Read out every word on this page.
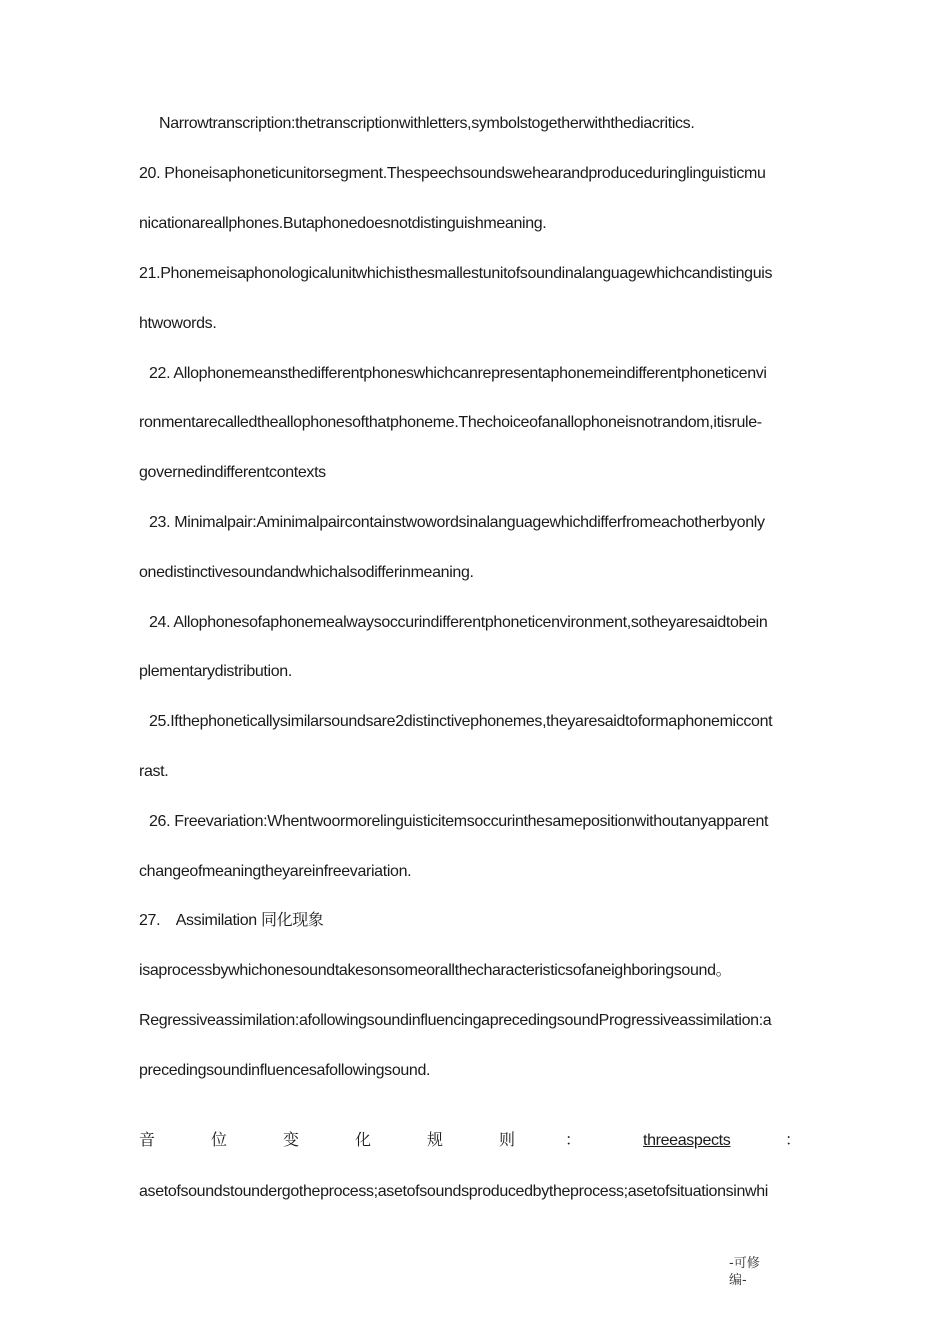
Narrowtranscription:thetranscriptionwithletters,symbolstogetherwiththediacritics.
20. Phoneisaphoneticunitorsegment.Thespeechsoundswehearandproduceduringlinguisticmu
nicationareallphones.Butaphonedoesnotdistinguishmeaning.
21.Phonemeisaphonologicalunitwhichisthesmallestunitofsoundinalanguagewhichcandistinguis
htwowords.
22. Allophonemeansthedifferentphoneswhichcanrepresentaphonemeindifferentphoneticenvi
ronmentarecalledtheallophonesofthatphoneme.Thechoiceofanallophoneisnotrandom,itisrule-
governedindifferentcontexts
23. Minimalpair:Aminimalpaircontainstwowordsinalanguagewhichdifferfromeachotherbyonly
onedistinctivesoundandwhichalsodifferinmeaning.
24. Allophonesofaphonemealwaysoccurindifferentphoneticenvironment,sotheyaresaidtobein
plementarydistribution.
25.Ifthephoneticallysimilarsoundsare2distinctivephonemes,theyaresaidtoformaphonemiccont
rast.
26. Freevariation:Whentwoormorelinguisticitemsoccurinthesamepositionwithoutanyapparent
changeofmeaningtheyareinfreevariation.
27.    Assimilation 同化现象
isaprocessbywhichonesoundtakesonsomeorallthecharacteristicsofaneighboringsound。
Regressiveassimilation:afollowingsoundinfluencingaprecedingsoundProgressiveassimilation:a
precedingsoundinfluencesafollowingsound.
音	位	变	化	规	则	：	threeaspects	：
asetofsoundstoundergotheprocess;asetofsoundsproducedbytheprocess;asetofsituationsinwhi
-可修
编-
